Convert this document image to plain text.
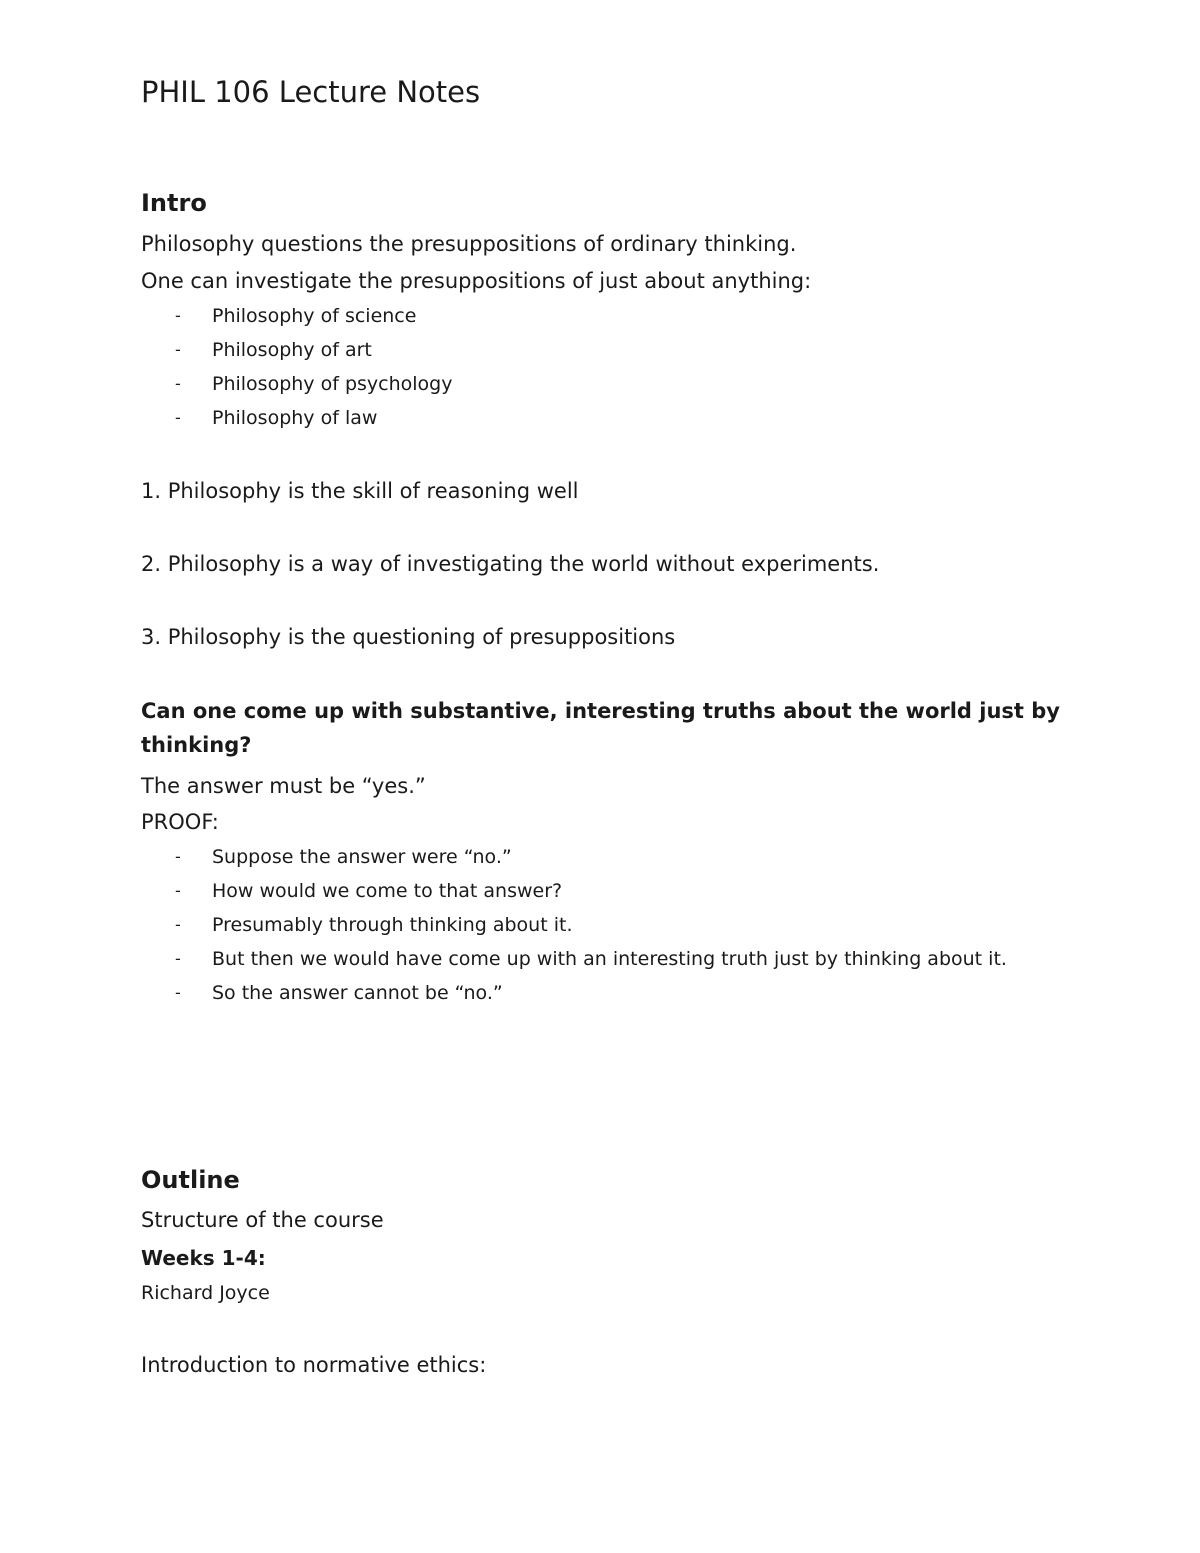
PHIL 106 Lecture Notes
Intro

Philosophy questions the presuppositions of ordinary thinking.

One can investigate the presuppositions of just about anything:

- Philosophy of science
- Philosophy of art
- Philosophy of psychology
- Philosophy of law

1. Philosophy is the skill of reasoning well

2. Philosophy is a way of investigating the world without experiments.

3. Philosophy is the questioning of presuppositions

Can one come up with substantive, interesting truths about the world just by thinking?

The answer must be “yes.”

PROOF:

- Suppose the answer were “no.”
- How would we come to that answer?
- Presumably through thinking about it.
- But then we would have come up with an interesting truth just by thinking about it.
- So the answer cannot be “no.”
Outline

Structure of the course

Weeks 1-4:

Richard Joyce

Introduction to normative ethics:
